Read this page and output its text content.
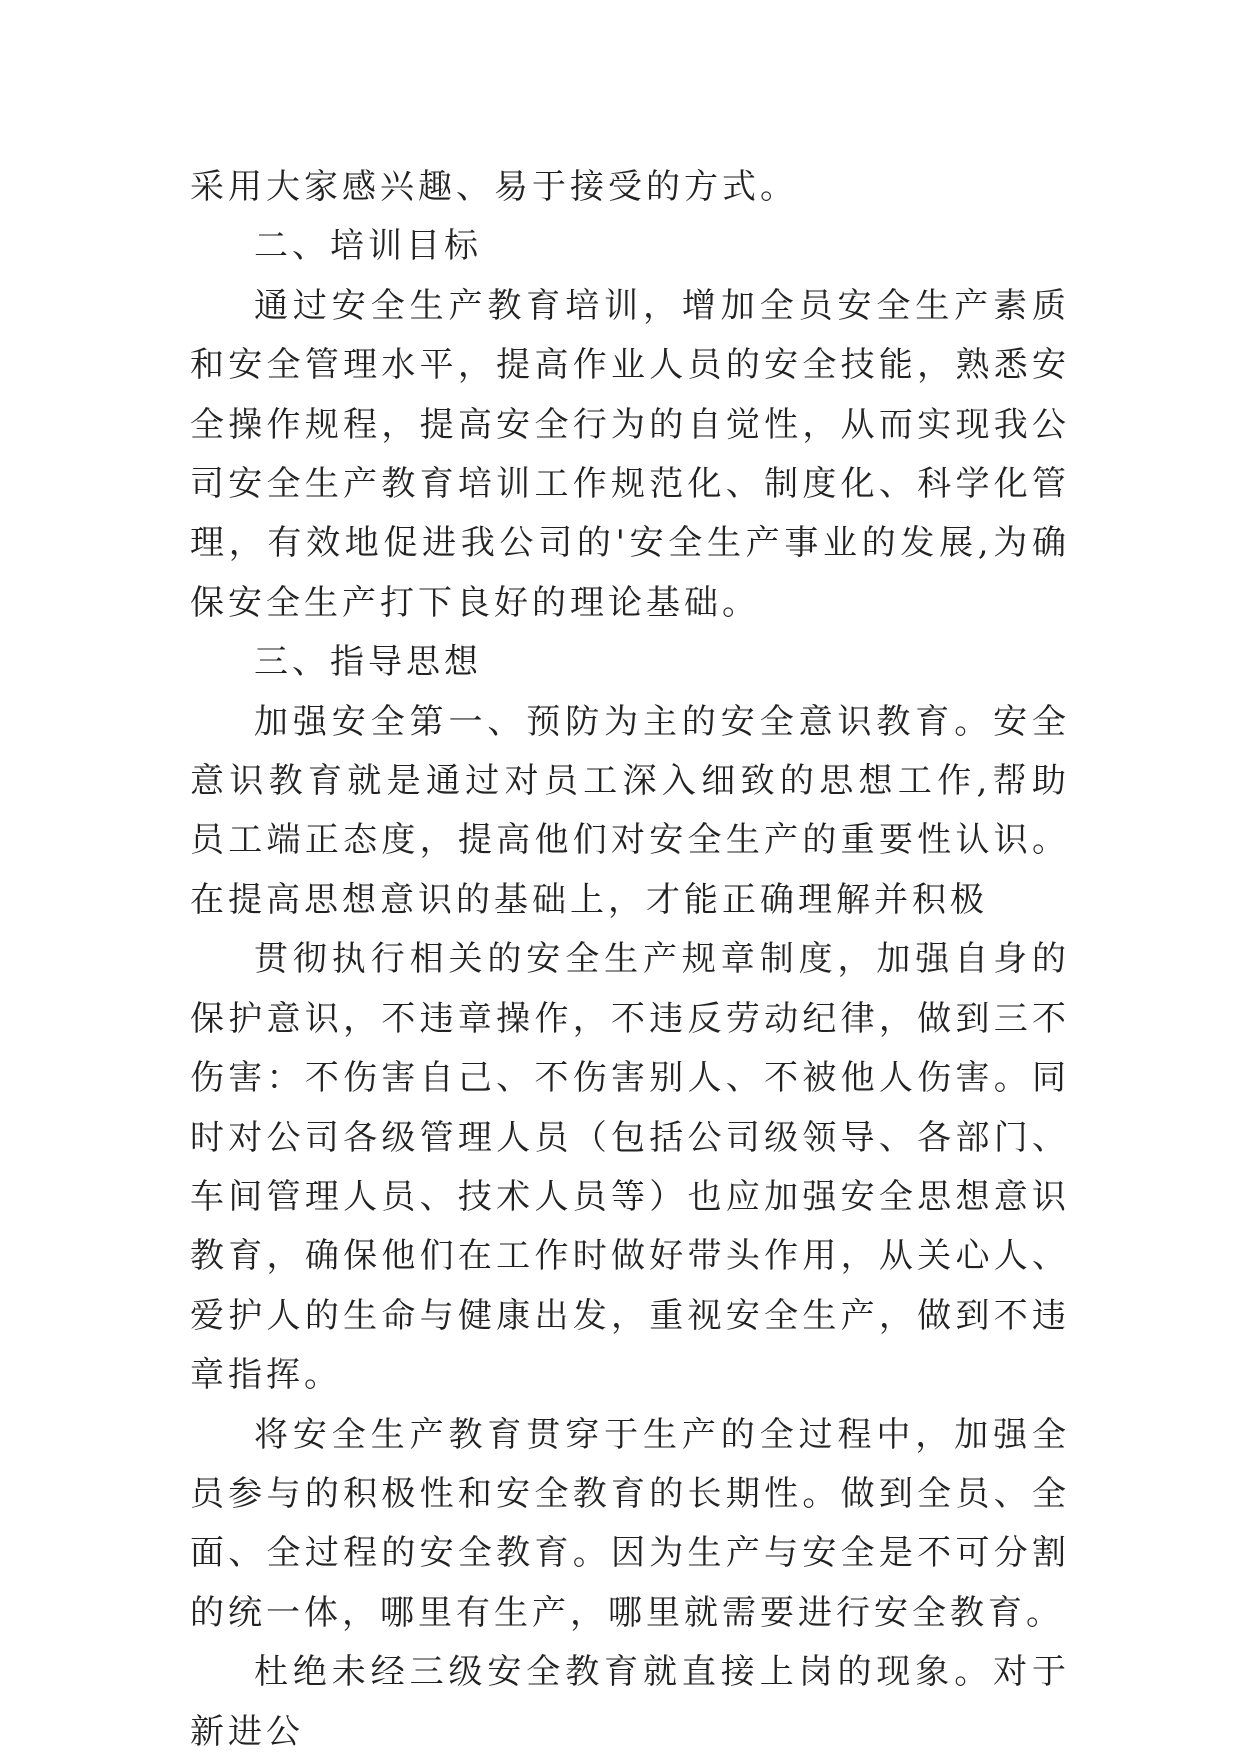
采用大家感兴趣、易于接受的方式。

二、培训目标

通过安全生产教育培训，增加全员安全生产素质和安全管理水平，提高作业人员的安全技能，熟悉安全操作规程，提高安全行为的自觉性，从而实现我公司安全生产教育培训工作规范化、制度化、科学化管理，有效地促进我公司的'安全生产事业的发展,为确保安全生产打下良好的理论基础。

三、指导思想

加强安全第一、预防为主的安全意识教育。安全意识教育就是通过对员工深入细致的思想工作,帮助员工端正态度，提高他们对安全生产的重要性认识。在提高思想意识的基础上，才能正确理解并积极

贯彻执行相关的安全生产规章制度，加强自身的保护意识，不违章操作，不违反劳动纪律，做到三不伤害：不伤害自己、不伤害别人、不被他人伤害。同时对公司各级管理人员（包括公司级领导、各部门、车间管理人员、技术人员等）也应加强安全思想意识教育，确保他们在工作时做好带头作用，从关心人、爱护人的生命与健康出发，重视安全生产，做到不违章指挥。

将安全生产教育贯穿于生产的全过程中，加强全员参与的积极性和安全教育的长期性。做到全员、全面、全过程的安全教育。因为生产与安全是不可分割的统一体，哪里有生产，哪里就需要进行安全教育。

杜绝未经三级安全教育就直接上岗的现象。对于新进公
